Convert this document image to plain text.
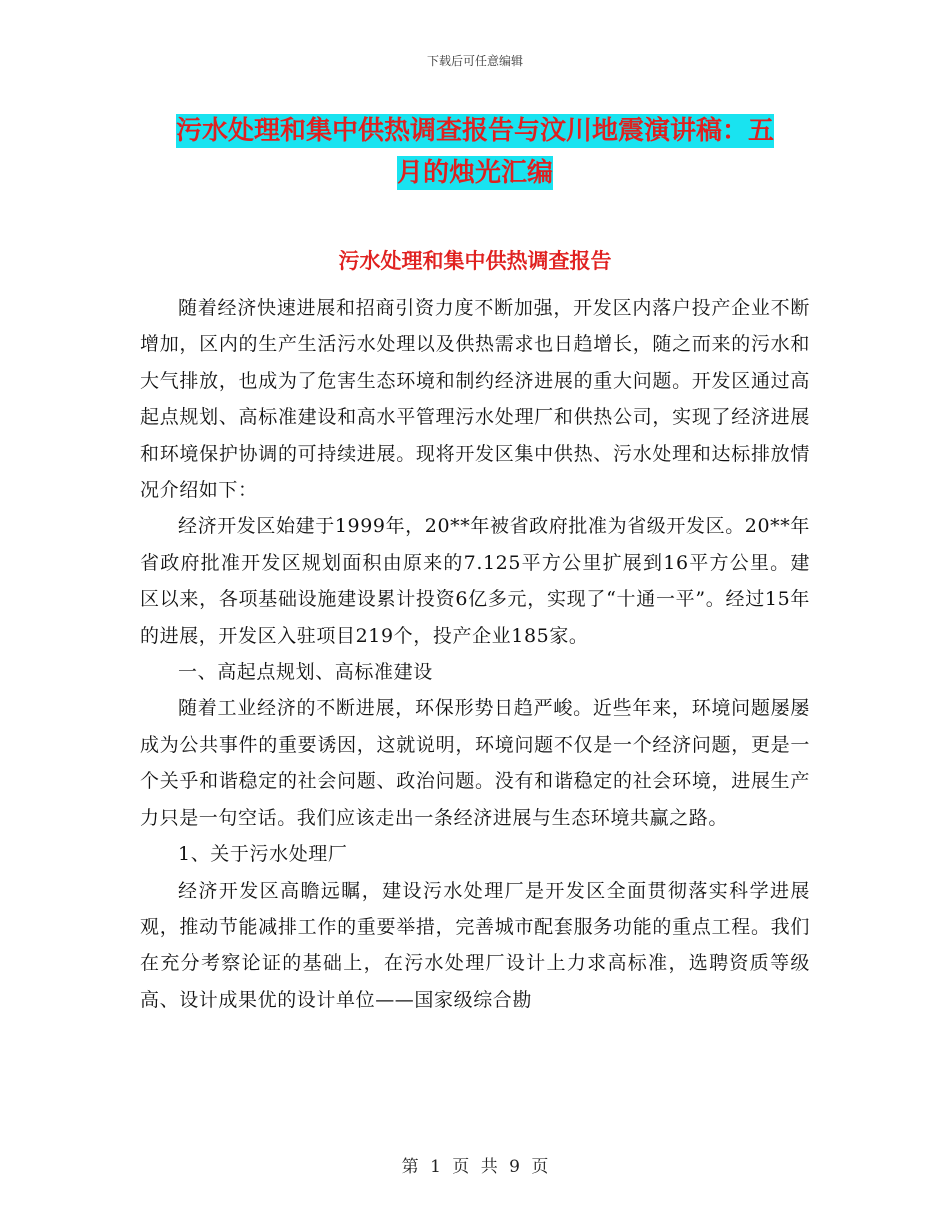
下载后可任意编辑
污水处理和集中供热调查报告与汶川地震演讲稿：五
月的烛光汇编
污水处理和集中供热调查报告

随着经济快速进展和招商引资力度不断加强，开发区内落户投产企业不断增加，区内的生产生活污水处理以及供热需求也日趋增长，随之而来的污水和大气排放，也成为了危害生态环境和制约经济进展的重大问题。开发区通过高起点规划、高标准建设和高水平管理污水处理厂和供热公司，实现了经济进展和环境保护协调的可持续进展。现将开发区集中供热、污水处理和达标排放情况介绍如下：

经济开发区始建于1999年，20**年被省政府批准为省级开发区。20**年省政府批准开发区规划面积由原来的7.125平方公里扩展到16平方公里。建区以来，各项基础设施建设累计投资6亿多元，实现了“十通一平”。经过15年的进展，开发区入驻项目219个，投产企业185家。

一、高起点规划、高标准建设

随着工业经济的不断进展，环保形势日趋严峻。近些年来，环境问题屡屡成为公共事件的重要诱因，这就说明，环境问题不仅是一个经济问题，更是一个关乎和谐稳定的社会问题、政治问题。没有和谐稳定的社会环境，进展生产力只是一句空话。我们应该走出一条经济进展与生态环境共赢之路。

1、关于污水处理厂

经济开发区高瞻远瞩，建设污水处理厂是开发区全面贯彻落实科学进展观，推动节能减排工作的重要举措，完善城市配套服务功能的重点工程。我们在充分考察论证的基础上，在污水处理厂设计上力求高标准，选聘资质等级高、设计成果优的设计单位——国家级综合勘

第 1 页 共 9 页
